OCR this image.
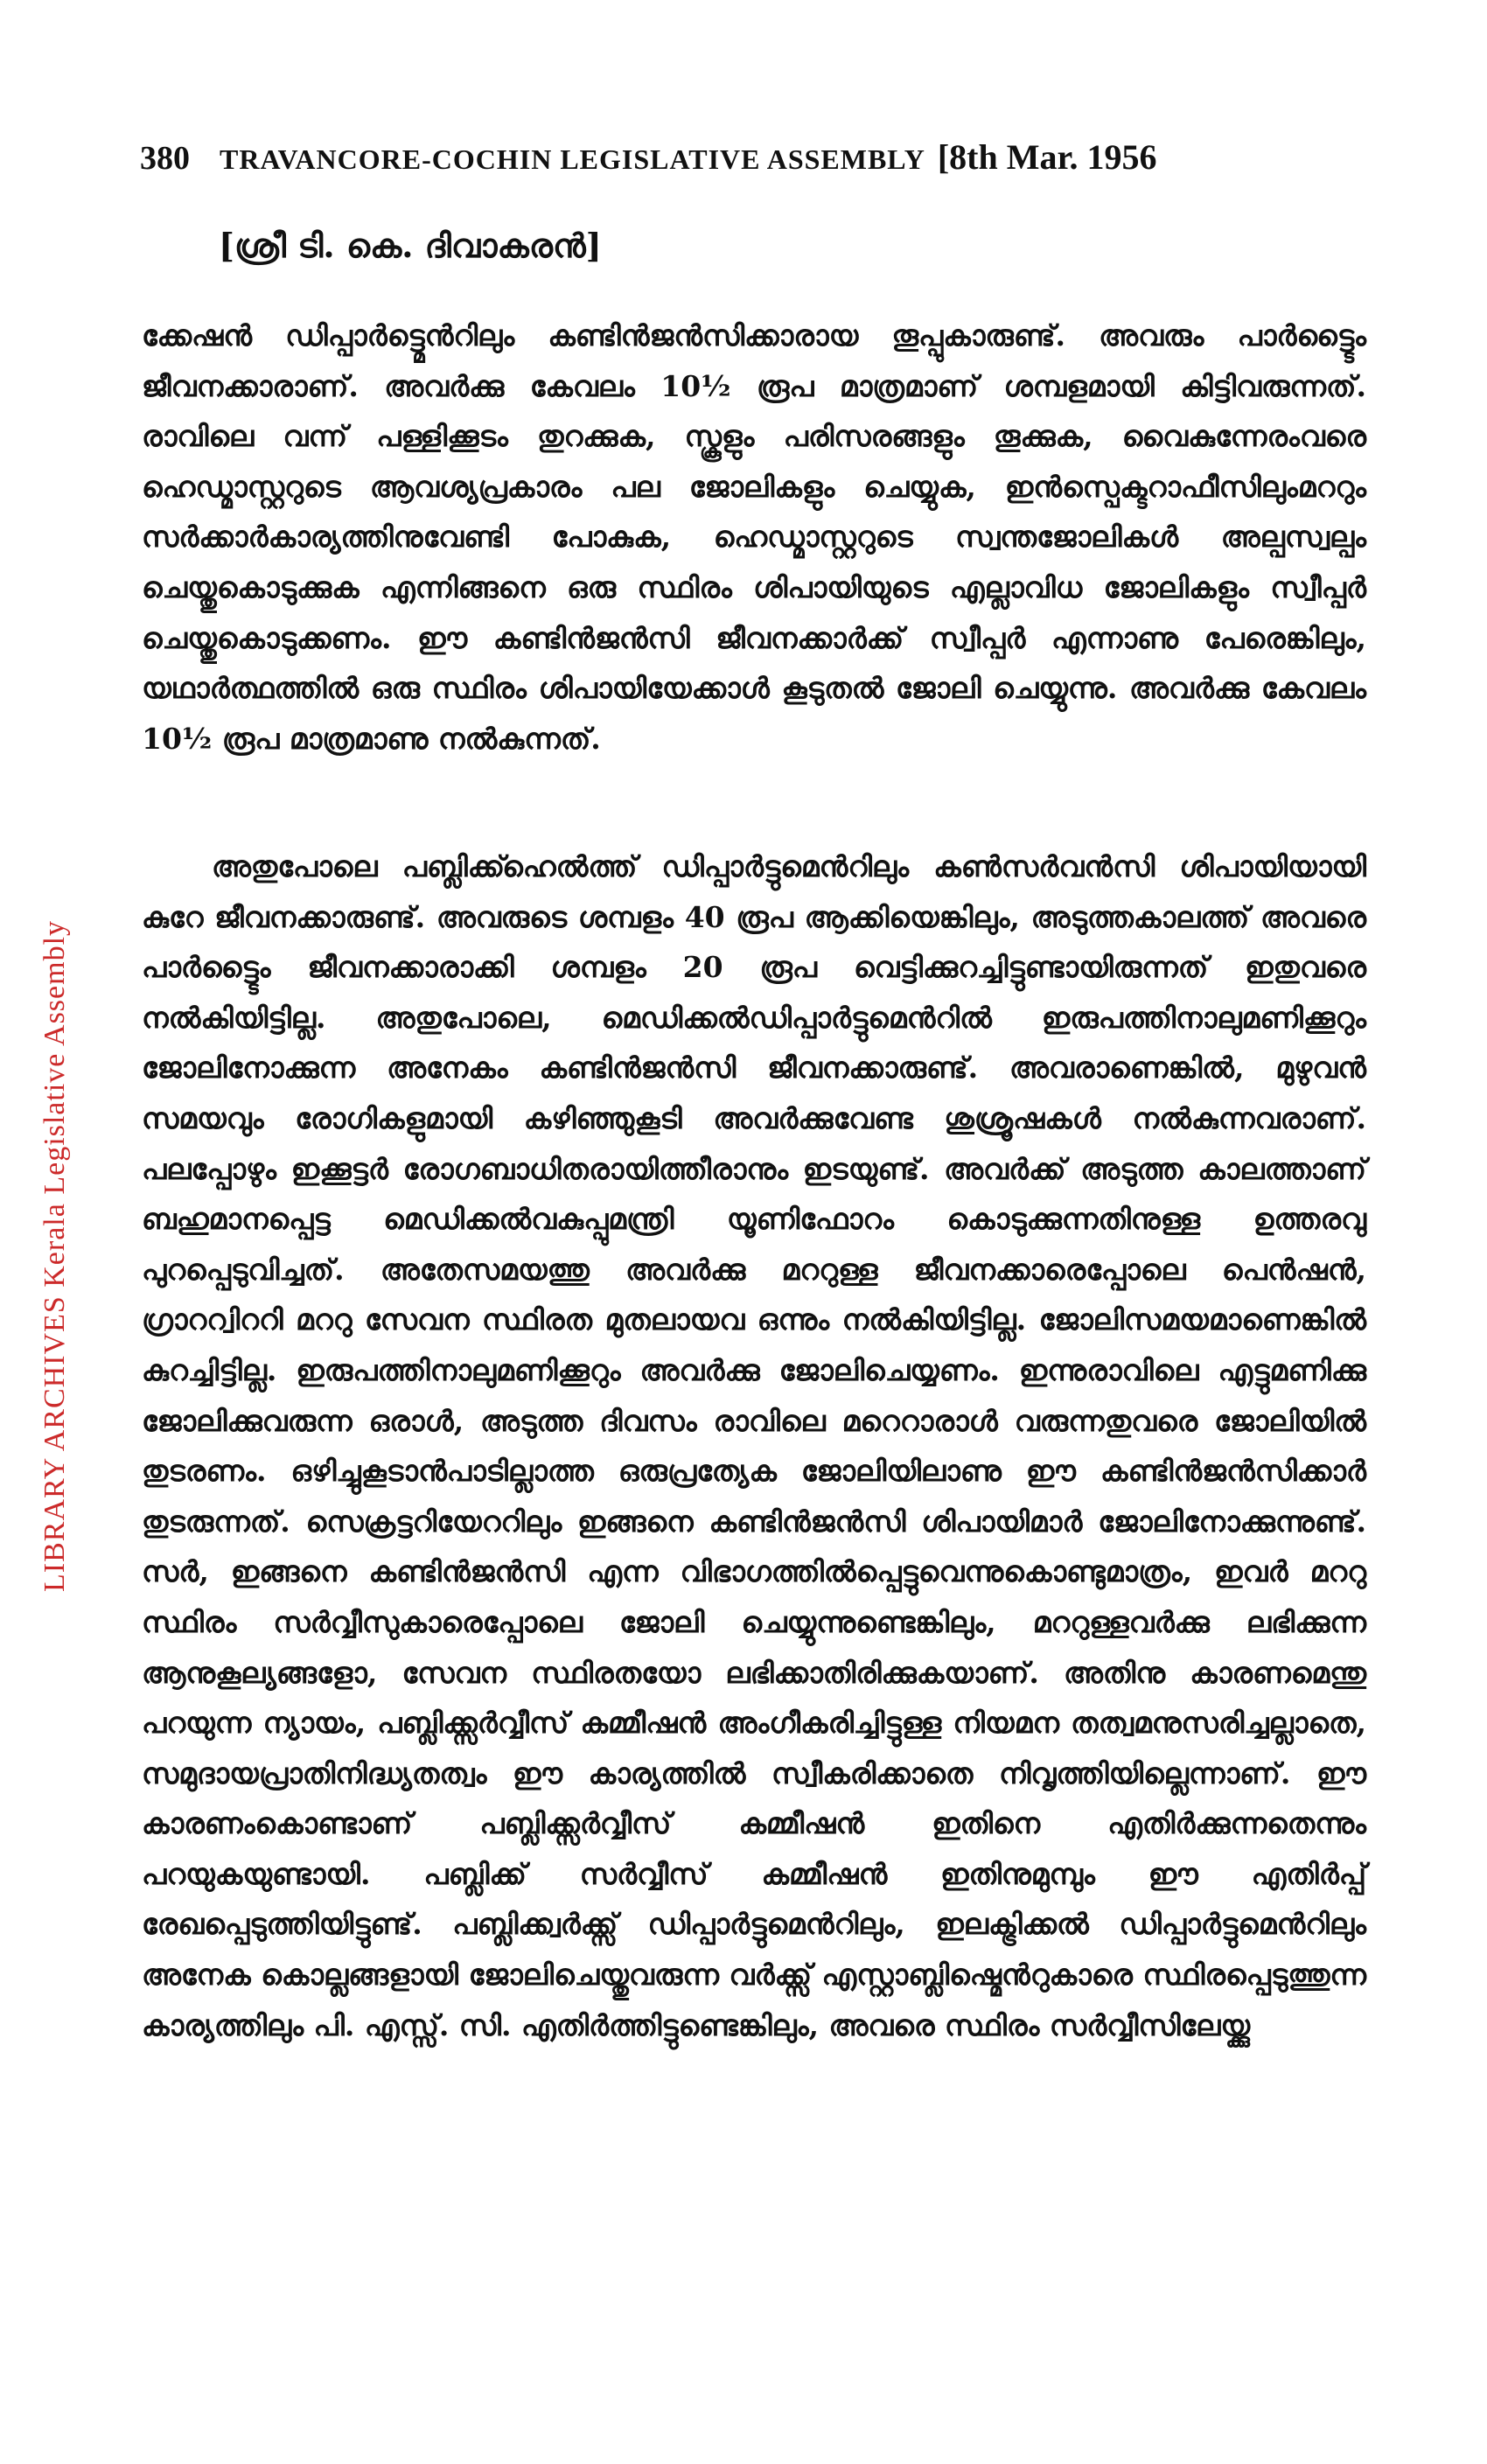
LIBRARY ARCHIVES Kerala Legislative Assembly
380 TRAVANCORE-COCHIN LEGISLATIVE ASSEMBLY [8th Mar. 1956
[ശ്രീ ടി. കെ. ദിവാകരൻ]
ക്കേഷൻ ഡിപ്പാർട്ട്മെൻറിലും കണ്ടിൻജൻസിക്കാരായ തൂപ്പുകാരുണ്ട്. അവരും പാർട്ട്ടൈം ജീവനക്കാരാണ്. അവർക്കു കേവലം 10½ രൂപ മാത്രമാണ് ശമ്പളമായി കിട്ടിവരുന്നത്. രാവിലെ വന്ന് പള്ളിക്കൂടം തുറക്കുക, സ്കൂളും പരിസരങ്ങളും തൂക്കുക, വൈകുന്നേരംവരെ ഹെഡ്മാസ്റ്ററുടെ ആവശ്യപ്രകാരം പല ജോലികളും ചെയ്യുക, ഇൻസ്പെക്ടറാഫീസിലുംമററും സർക്കാർകാര്യത്തിനുവേണ്ടി പോകുക, ഹെഡ്മാസ്റ്ററുടെ സ്വന്തജോലികൾ അല്പസ്വല്പം ചെയ്തുകൊടുക്കുക എന്നിങ്ങനെ ഒരു സ്ഥിരം ശിപായിയുടെ എല്ലാവിധ ജോലികളും സ്വീപ്പർ ചെയ്തുകൊടുക്കണം. ഈ കണ്ടിൻജൻസി ജീവനക്കാർക്ക് സ്വീപ്പർ എന്നാണു പേരെങ്കിലും, യഥാർത്ഥത്തിൽ ഒരു സ്ഥിരം ശിപായിയേക്കാൾ കൂടുതൽ ജോലി ചെയ്യുന്നു. അവർക്കു കേവലം 10½ രൂപ മാത്രമാണു നൽകുന്നത്.
അതുപോലെ പബ്ലിക്ക്ഹെൽത്ത് ഡിപ്പാർട്ടുമെൻറിലും കൺസർവൻസി ശിപായിയായി കുറേ ജീവനക്കാരുണ്ട്. അവരുടെ ശമ്പളം 40 രൂപ ആക്കിയെങ്കിലും, അടുത്തകാലത്ത് അവരെ പാർട്ട്ടൈം ജീവനക്കാരാക്കി ശമ്പളം 20 രൂപ വെട്ടിക്കുറച്ചിട്ടുണ്ടായിരുന്നത് ഇതുവരെ നൽകിയിട്ടില്ല. അതുപോലെ, മെഡിക്കൽഡിപ്പാർട്ടുമെൻറിൽ ഇരുപത്തിനാലുമണിക്കൂറും ജോലിനോക്കുന്ന അനേകം കണ്ടിൻജൻസി ജീവനക്കാരുണ്ട്. അവരാണെങ്കിൽ, മുഴുവൻ സമയവും രോഗികളുമായി കഴിഞ്ഞുകൂടി അവർക്കുവേണ്ട ശുശ്രൂഷകൾ നൽകുന്നവരാണ്. പലപ്പോഴും ഇക്കൂട്ടർ രോഗബാധിതരായിത്തീരാനും ഇടയുണ്ട്. അവർക്ക് അടുത്ത കാലത്താണ് ബഹുമാനപ്പെട്ട മെഡിക്കൽവകുപ്പുമന്ത്രി യൂണിഫോറം കൊടുക്കുന്നതിനുള്ള ഉത്തരവു പുറപ്പെടുവിച്ചത്. അതേസമയത്തു അവർക്കു മററുള്ള ജീവനക്കാരെപ്പോലെ പെൻഷൻ, ഗ്രാററ്വിററി മററു സേവന സ്ഥിരത മുതലായവ ഒന്നും നൽകിയിട്ടില്ല. ജോലിസമയമാണെങ്കിൽ കുറച്ചിട്ടില്ല. ഇരുപത്തിനാലുമണിക്കൂറും അവർക്കു ജോലിചെയ്യണം. ഇന്നുരാവിലെ എട്ടുമണിക്കു ജോലിക്കുവരുന്ന ഒരാൾ, അടുത്ത ദിവസം രാവിലെ മറെറാരാൾ വരുന്നതുവരെ ജോലിയിൽ തുടരണം. ഒഴിച്ചുകൂടാൻപാടില്ലാത്ത ഒരുപ്രത്യേക ജോലിയിലാണു ഈ കണ്ടിൻജൻസിക്കാർ തുടരുന്നത്. സെക്രട്ടറിയേററിലും ഇങ്ങനെ കണ്ടിൻജൻസി ശിപായിമാർ ജോലിനോക്കുന്നുണ്ട്. സർ, ഇങ്ങനെ കണ്ടിൻജൻസി എന്ന വിഭാഗത്തിൽപ്പെട്ടുവെന്നുകൊണ്ടുമാത്രം, ഇവർ മററു സ്ഥിരം സർവ്വീസുകാരെപ്പോലെ ജോലി ചെയ്യുന്നുണ്ടെങ്കിലും, മററുള്ളവർക്കു ലഭിക്കുന്ന ആനുകൂല്യങ്ങളോ, സേവന സ്ഥിരതയോ ലഭിക്കാതിരിക്കുകയാണ്. അതിനു കാരണമെന്തു പറയുന്ന ന്യായം, പബ്ലിക്ക്സർവ്വീസ് കമ്മീഷൻ അംഗീകരിച്ചിട്ടുള്ള നിയമന തത്വമനുസരിച്ചല്ലാതെ, സമുദായപ്രാതിനിദ്ധ്യതത്വം ഈ കാര്യത്തിൽ സ്വീകരിക്കാതെ നിവൃത്തിയില്ലെന്നാണ്. ഈ കാരണംകൊണ്ടാണ് പബ്ലിക്ക്സർവ്വീസ് കമ്മീഷൻ ഇതിനെ എതിർക്കുന്നതെന്നും പറയുകയുണ്ടായി. പബ്ലിക്ക് സർവ്വീസ് കമ്മീഷൻ ഇതിനുമുമ്പും ഈ എതിർപ്പ് രേഖപ്പെടുത്തിയിട്ടുണ്ട്. പബ്ലിക്ക്വർക്ക്സ് ഡിപ്പാർട്ടുമെൻറിലും, ഇലക്ട്രിക്കൽ ഡിപ്പാർട്ടുമെൻറിലും അനേക കൊല്ലങ്ങളായി ജോലിചെയ്തുവരുന്ന വർക്ക്സ് എസ്റ്റാബ്ലിഷ്മെൻറുകാരെ സ്ഥിരപ്പെടുത്തുന്ന കാര്യത്തിലും പി. എസ്സ്. സി. എതിർത്തിട്ടുണ്ടെങ്കിലും, അവരെ സ്ഥിരം സർവ്വീസിലേയ്ക്കു
